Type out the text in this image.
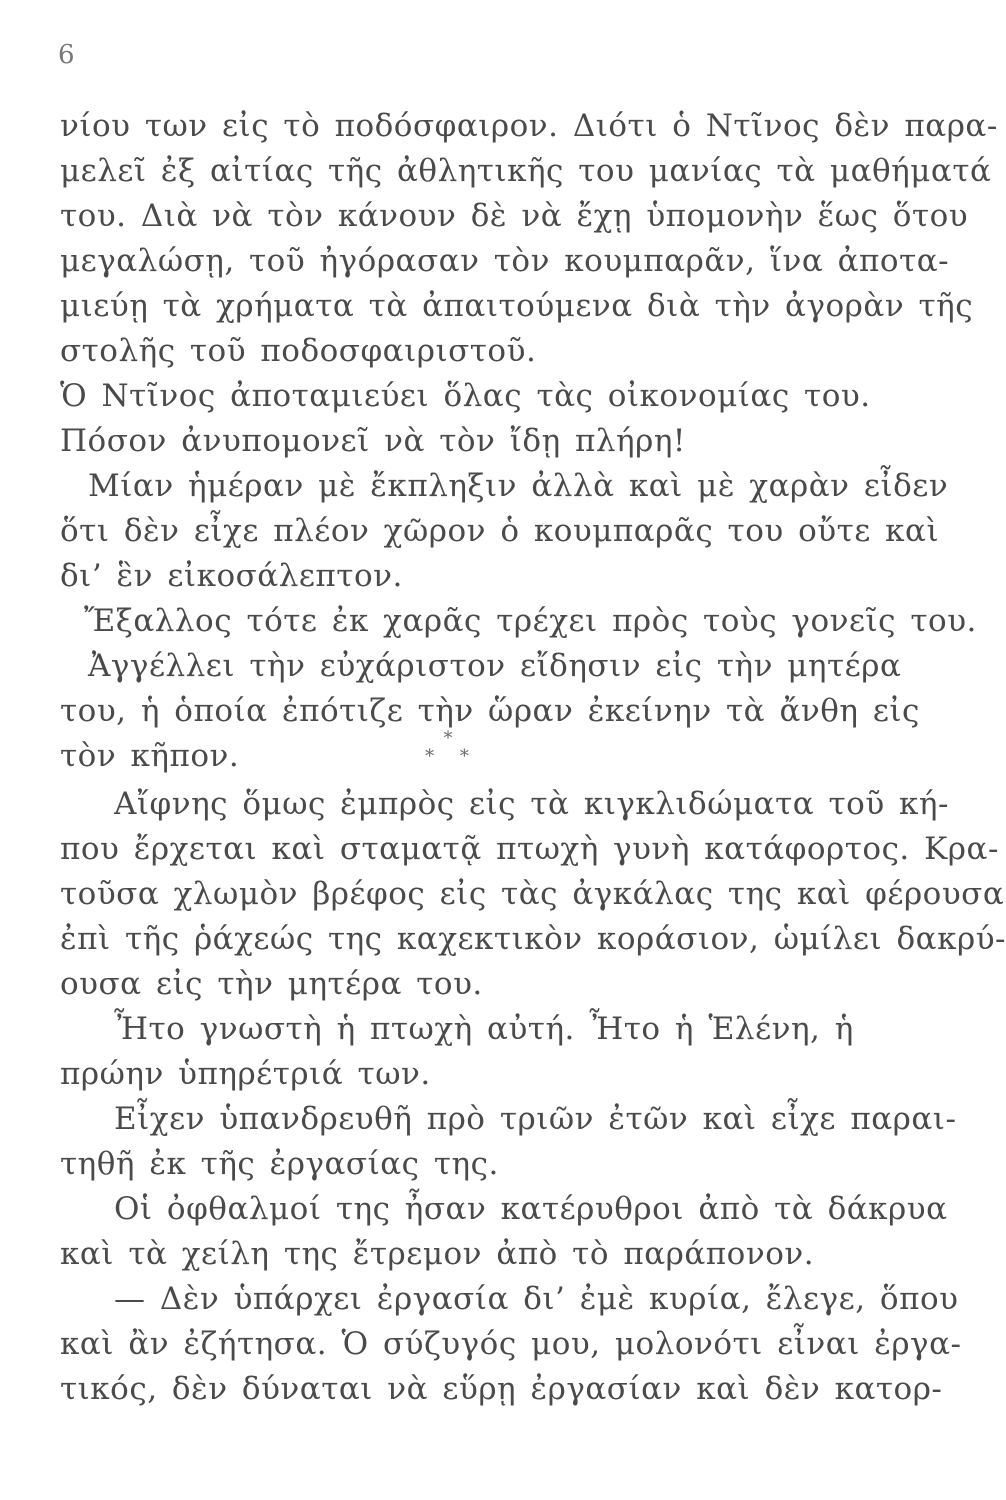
6
νίου των εἰς τὸ ποδόσφαιρον. Διότι ὁ Ντῖνος δὲν παρα-
μελεῖ ἐξ αἰτίας τῆς ἀθλητικῆς του μανίας τὰ μαθήματά
του. Διὰ νὰ τὸν κάνουν δὲ νὰ ἔχῃ ὑπομονὴν ἕως ὅτου
μεγαλώσῃ, τοῦ ἠγόρασαν τὸν κουμπαρᾶν, ἵνα ἀποτα-
μιεύῃ τὰ χρήματα τὰ ἀπαιτούμενα διὰ τὴν ἀγορὰν τῆς
στολῆς τοῦ ποδοσφαιριστοῦ.
Ὁ Ντῖνος ἀποταμιεύει ὅλας τὰς οἰκονομίας του.
Πόσον ἀνυπομονεῖ νὰ τὸν ἴδῃ πλήρη!
Μίαν ἡμέραν μὲ ἔκπληξιν ἀλλὰ καὶ μὲ χαρὰν εἶδεν
ὅτι δὲν εἶχε πλέον χῶρον ὁ κουμπαρᾶς του οὔτε καὶ
δι’ ἓν εἰκοσάλεπτον.
Ἔξαλλος τότε ἐκ χαρᾶς τρέχει πρὸς τοὺς γονεῖς του.
Ἀγγέλλει τὴν εὐχάριστον εἴδησιν εἰς τὴν μητέρα
του, ἡ ὁποία ἐπότιζε τὴν ὥραν ἐκείνην τὰ ἄνθη εἰς
τὸν κῆπον.	*
* *
Αἴφνης ὅμως ἐμπρὸς εἰς τὰ κιγκλιδώματα τοῦ κή-
που ἔρχεται καὶ σταματᾷ πτωχὴ γυνὴ κατάφορτος. Κρα-
τοῦσα χλωμὸν βρέφος εἰς τὰς ἀγκάλας της καὶ φέρουσα
ἐπὶ τῆς ῥάχεώς της καχεκτικὸν κοράσιον, ὡμίλει δακρύ-
ουσα εἰς τὴν μητέρα του.
Ἦτο γνωστὴ ἡ πτωχὴ αὐτή. Ἦτο ἡ Ἑλένη, ἡ
πρώην ὑπηρέτριά των.
Εἶχεν ὑπανδρευθῆ πρὸ τριῶν ἐτῶν καὶ εἶχε παραι-
τηθῆ ἐκ τῆς ἐργασίας της.
Οἱ ὀφθαλμοί της ἦσαν κατέρυθροι ἀπὸ τὰ δάκρυα
καὶ τὰ χείλη της ἔτρεμον ἀπὸ τὸ παράπονον.
— Δὲν ὑπάρχει ἐργασία δι’ ἐμὲ κυρία, ἔλεγε, ὅπου
καὶ ἂν ἐζήτησα. Ὁ σύζυγός μου, μολονότι εἶναι ἐργα-
τικός, δὲν δύναται νὰ εὕρῃ ἐργασίαν καὶ δὲν κατορ-
